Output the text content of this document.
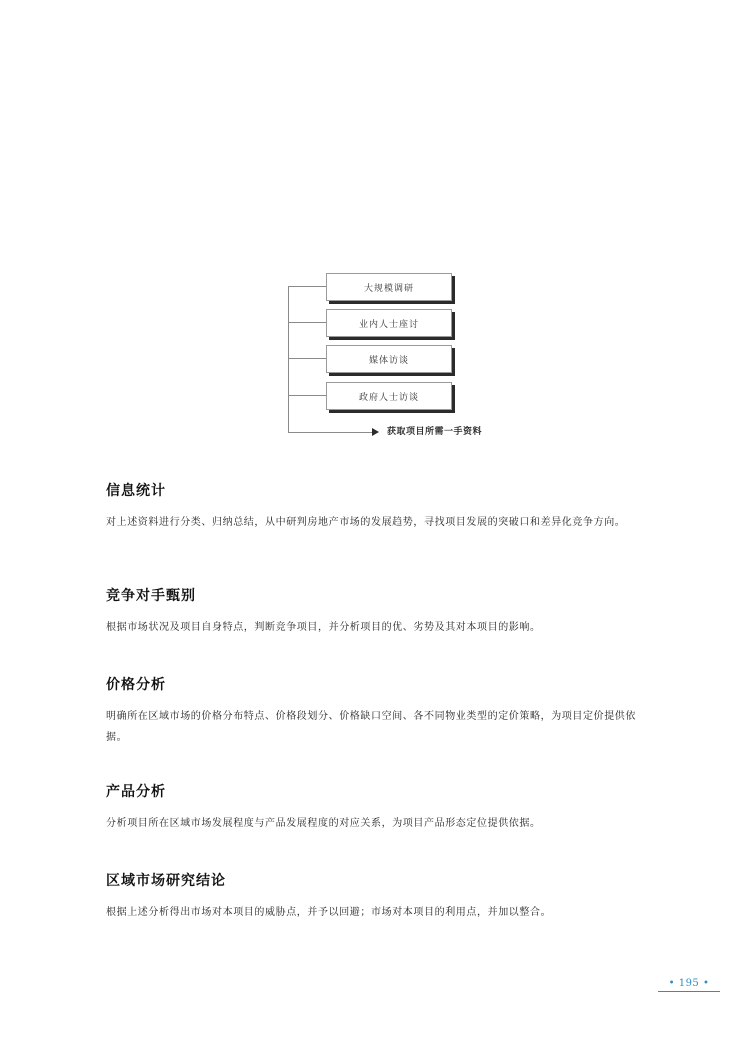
大规模调研
业内人士座讨
媒体访谈
政府人士访谈
获取项目所需一手资料
信息统计

对上述资料进行分类、归纳总结，从中研判房地产市场的发展趋势，寻找项目发展的突破口和差异化竞争方向。

竞争对手甄别

根据市场状况及项目自身特点，判断竞争项目，并分析项目的优、劣势及其对本项目的影响。

价格分析

明确所在区域市场的价格分布特点、价格段划分、价格缺口空间、各不同物业类型的定价策略，为项目定价提供依据。

产品分析

分析项目所在区域市场发展程度与产品发展程度的对应关系，为项目产品形态定位提供依据。

区域市场研究结论

根据上述分析得出市场对本项目的威胁点，并予以回避；市场对本项目的利用点，并加以整合。

• 195 •
